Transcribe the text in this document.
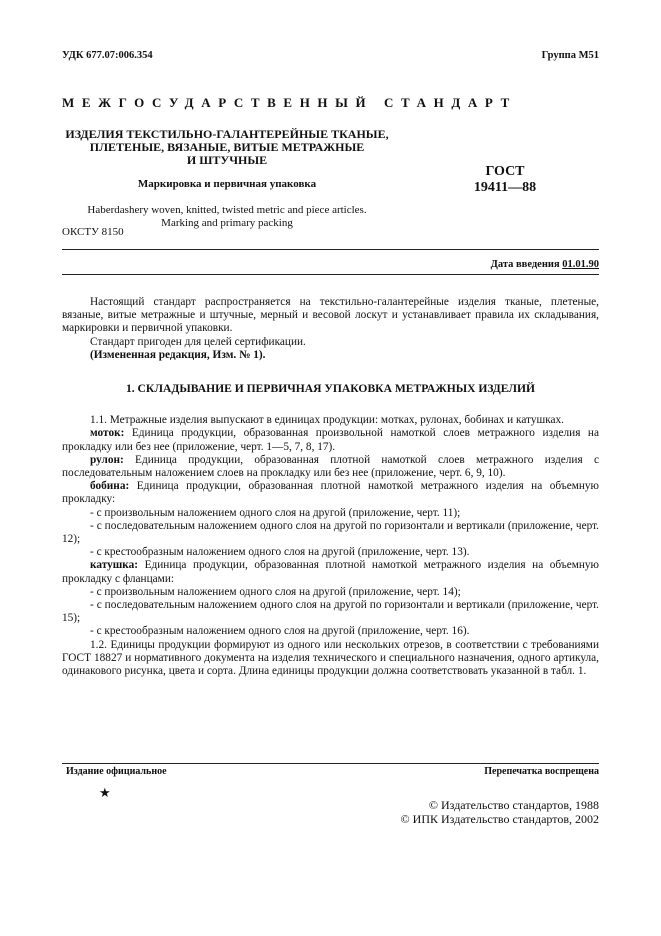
УДК 677.07:006.354	Группа М51
МЕЖГОСУДАРСТВЕННЫЙ СТАНДАРТ
ИЗДЕЛИЯ ТЕКСТИЛЬНО-ГАЛАНТЕРЕЙНЫЕ ТКАНЫЕ,
ПЛЕТЕНЫЕ, ВЯЗАНЫЕ, ВИТЫЕ МЕТРАЖНЫЕ
И ШТУЧНЫЕ
Маркировка и первичная упаковка
ГОСТ
19411—88
Haberdashery woven, knitted, twisted metric and piece articles.
Marking and primary packing
ОКСТУ 8150
Дата введения 01.01.90

Настоящий стандарт распространяется на текстильно-галантерейные изделия тканые, плетеные, вязаные, витые метражные и штучные, мерный и весовой лоскут и устанавливает правила их складывания, маркировки и первичной упаковки.

Стандарт пригоден для целей сертификации.

(Измененная редакция, Изм. № 1).

1. СКЛАДЫВАНИЕ И ПЕРВИЧНАЯ УПАКОВКА МЕТРАЖНЫХ ИЗДЕЛИЙ

1.1. Метражные изделия выпускают в единицах продукции: мотках, рулонах, бобинах и катушках.

моток: Единица продукции, образованная произвольной намоткой слоев метражного изделия на прокладку или без нее (приложение, черт. 1—5, 7, 8, 17).

рулон: Единица продукции, образованная плотной намоткой слоев метражного изделия с последовательным наложением слоев на прокладку или без нее (приложение, черт. 6, 9, 10).

бобина: Единица продукции, образованная плотной намоткой метражного изделия на объемную прокладку:

- с произвольным наложением одного слоя на другой (приложение, черт. 11);

- с последовательным наложением одного слоя на другой по горизонтали и вертикали (приложение, черт. 12);

- с крестообразным наложением одного слоя на другой (приложение, черт. 13).

катушка: Единица продукции, образованная плотной намоткой метражного изделия на объемную прокладку с фланцами:

- с произвольным наложением одного слоя на другой (приложение, черт. 14);

- с последовательным наложением одного слоя на другой по горизонтали и вертикали (приложение, черт. 15);

- с крестообразным наложением одного слоя на другой (приложение, черт. 16).

1.2. Единицы продукции формируют из одного или нескольких отрезов, в соответствии с требованиями ГОСТ 18827 и нормативного документа на изделия технического и специального назначения, одного артикула, одинакового рисунка, цвета и сорта. Длина единицы продукции должна соответствовать указанной в табл. 1.

Издание официальное	Перепечатка воспрещена
★
© Издательство стандартов, 1988
© ИПК Издательство стандартов, 2002
